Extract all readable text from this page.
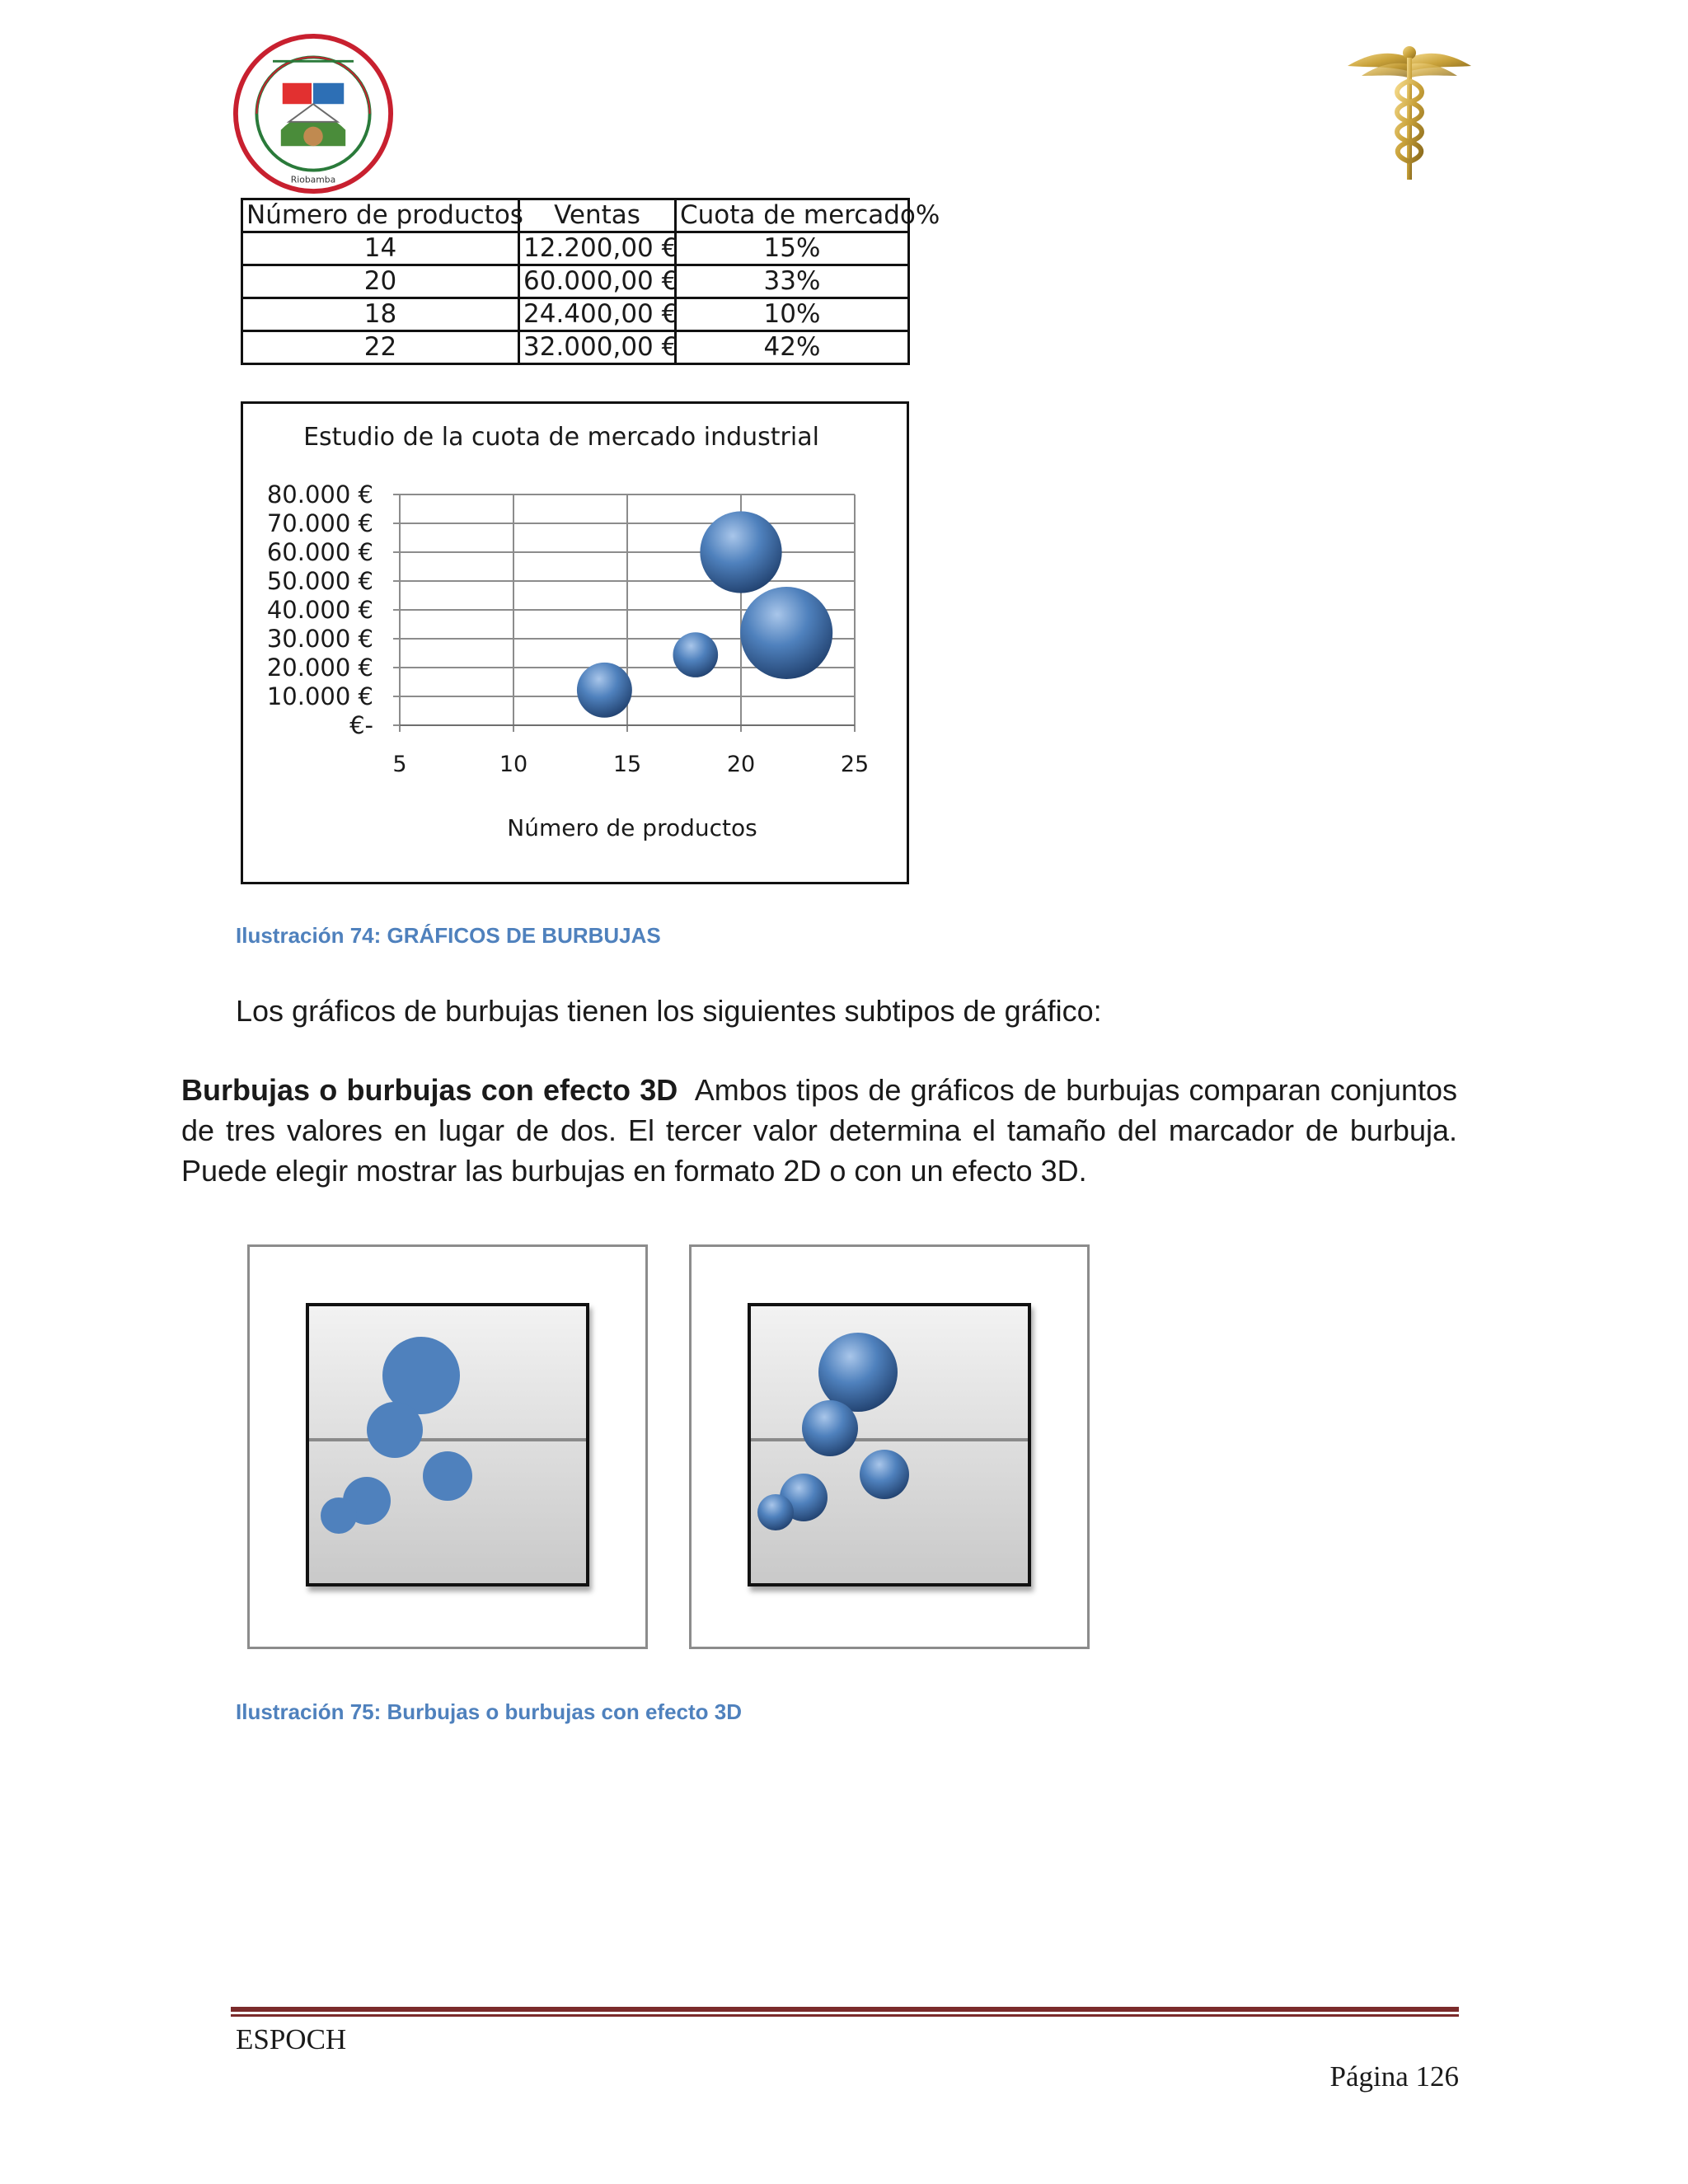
Riobamba
Número de productos	Ventas	Cuota de mercado%
14	12.200,00 €	15%
20	60.000,00 €	33%
18	24.400,00 €	10%
22	32.000,00 €	42%
Estudio de la cuota de mercado industrial
€-
10.000 €
20.000 €
30.000 €
40.000 €
50.000 €
60.000 €
70.000 €
80.000 €
5	10	15	20	25
Número de productos
Ilustración 74: GRÁFICOS DE BURBUJAS
Los gráficos de burbujas tienen los siguientes subtipos de gráfico:
Burbujas o burbujas con efecto 3D Ambos tipos de gráficos de burbujas comparan conjuntos de tres valores en lugar de dos. El tercer valor determina el tamaño del marcador de burbuja. Puede elegir mostrar las burbujas en formato 2D o con un efecto 3D.
Ilustración 75: Burbujas o burbujas con efecto 3D
ESPOCH
Página 126
